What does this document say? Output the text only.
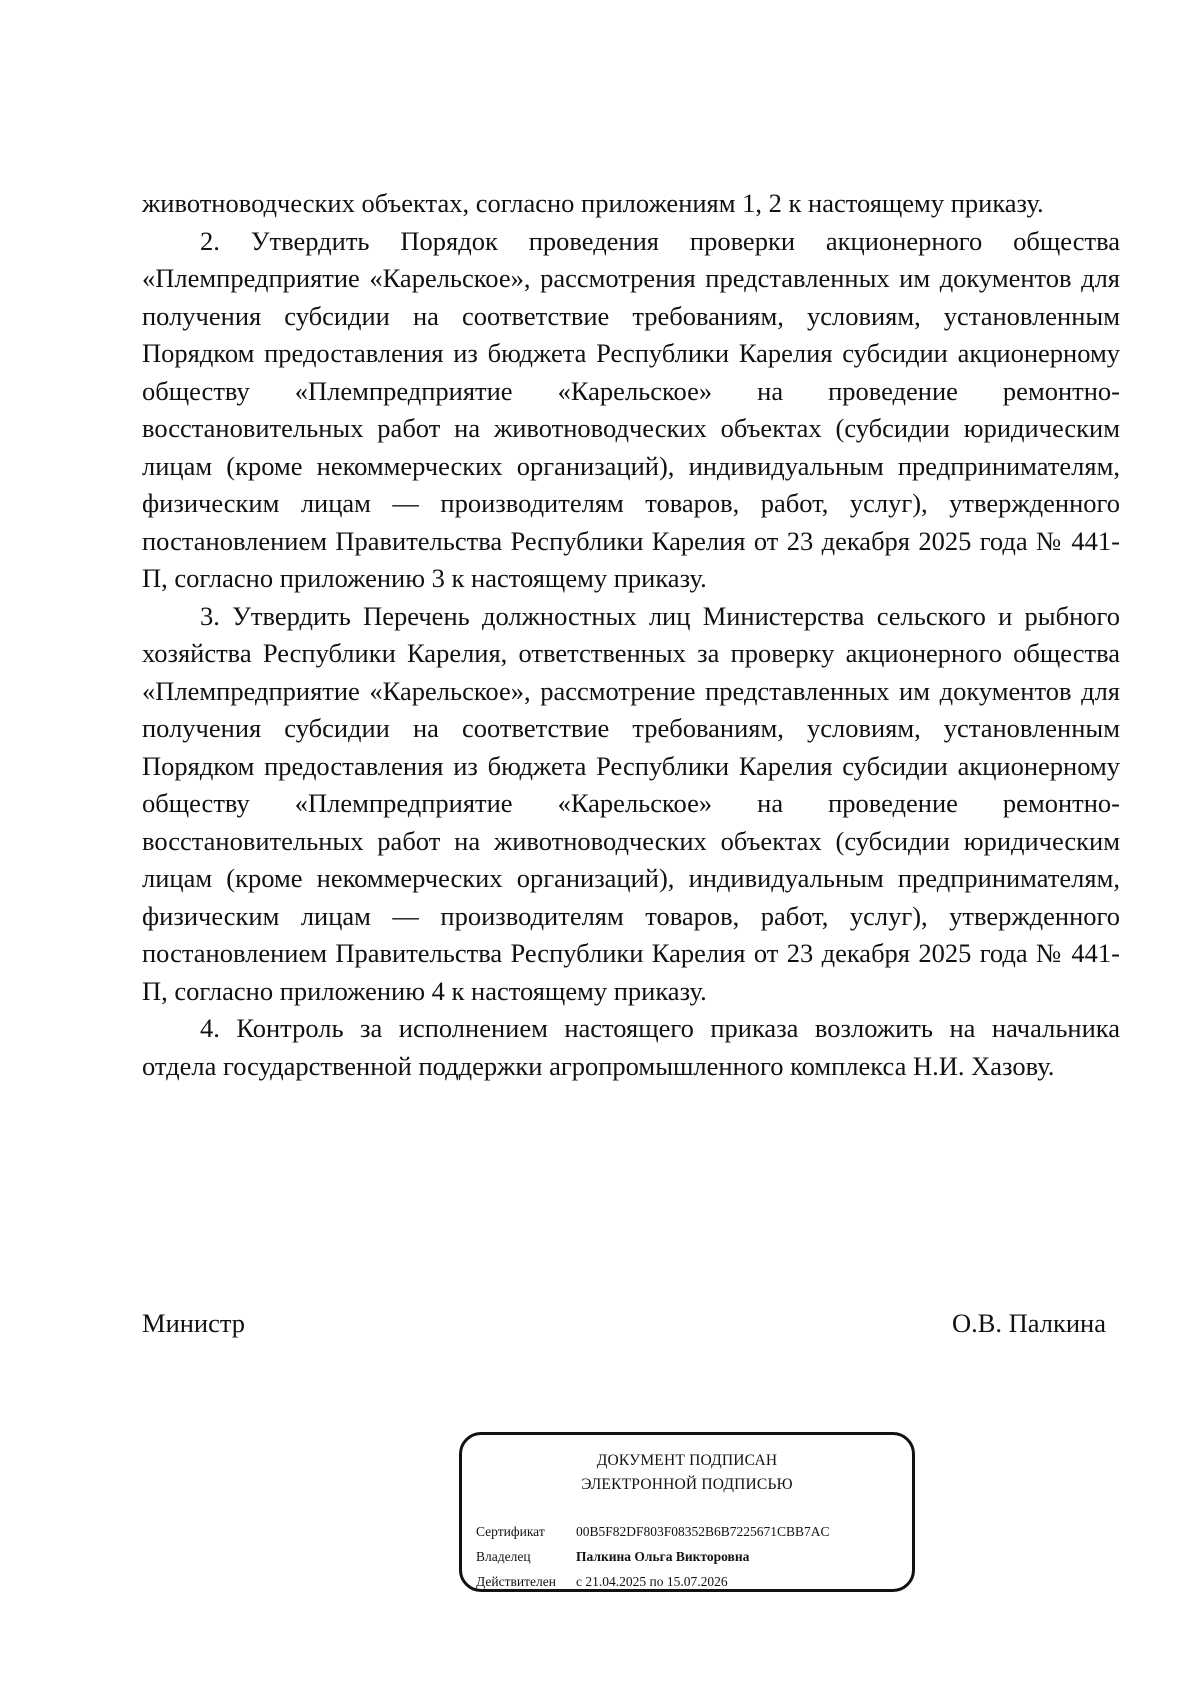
животноводческих объектах, согласно приложениям 1, 2 к настоящему приказу.

2. Утвердить Порядок проведения проверки акционерного общества «Племпредприятие «Карельское», рассмотрения представленных им документов для получения субсидии на соответствие требованиям, условиям, установленным Порядком предоставления из бюджета Республики Карелия субсидии акционерному обществу «Племпредприятие «Карельское» на проведение ремонтно-восстановительных работ на животноводческих объектах (субсидии юридическим лицам (кроме некоммерческих организаций), индивидуальным предпринимателям, физическим лицам — производителям товаров, работ, услуг), утвержденного постановлением Правительства Республики Карелия от 23 декабря 2025 года № 441-П, согласно приложению 3 к настоящему приказу.

3. Утвердить Перечень должностных лиц Министерства сельского и рыбного хозяйства Республики Карелия, ответственных за проверку акционерного общества «Племпредприятие «Карельское», рассмотрение представленных им документов для получения субсидии на соответствие требованиям, условиям, установленным Порядком предоставления из бюджета Республики Карелия субсидии акционерному обществу «Племпредприятие «Карельское» на проведение ремонтно-восстановительных работ на животноводческих объектах (субсидии юридическим лицам (кроме некоммерческих организаций), индивидуальным предпринимателям, физическим лицам — производителям товаров, работ, услуг), утвержденного постановлением Правительства Республики Карелия от 23 декабря 2025 года № 441-П, согласно приложению 4 к настоящему приказу.

4. Контроль за исполнением настоящего приказа возложить на начальника отдела государственной поддержки агропромышленного комплекса Н.И. Хазову.

Министр	О.В. Палкина
ДОКУМЕНТ ПОДПИСАН
ЭЛЕКТРОННОЙ ПОДПИСЬЮ
Сертификат 00B5F82DF803F08352B6B7225671CBB7AC
Владелец	Палкина Ольга Викторовна
Действителен с 21.04.2025 по 15.07.2026
